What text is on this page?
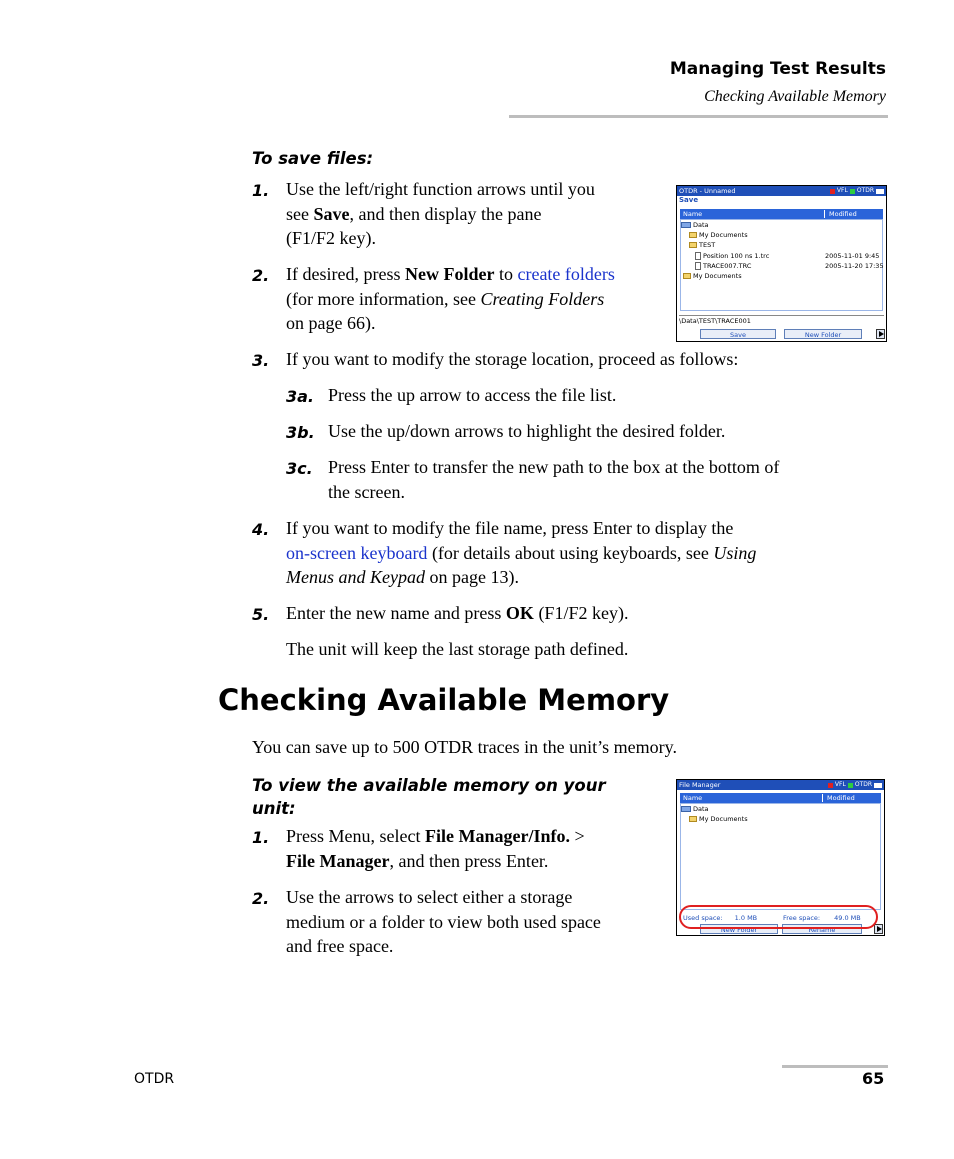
Managing Test Results
Checking Available Memory
To save files:
1. Use the left/right function arrows until you
see Save, and then display the pane
(F1/F2 key).
2. If desired, press New Folder to create folders
(for more information, see Creating Folders
on page 66).
OTDR - Unnamed	VFL OTDR
Save
Name	Modified
Data
My Documents
TEST
Position 100 ns 1.trc	2005-11-01 9:45
TRACE007.TRC	2005-11-20 17:35
My Documents
\Data\TEST\TRACE001
Save	New Folder
3. If you want to modify the storage location, proceed as follows:
3a. Press the up arrow to access the file list.
3b. Use the up/down arrows to highlight the desired folder.
3c. Press Enter to transfer the new path to the box at the bottom of
the screen.
4. If you want to modify the file name, press Enter to display the
on-screen keyboard (for details about using keyboards, see Using
Menus and Keypad on page 13).
5. Enter the new name and press OK (F1/F2 key).
The unit will keep the last storage path defined.
Checking Available Memory
You can save up to 500 OTDR traces in the unit’s memory.
To view the available memory on your
unit:
1. Press Menu, select File Manager/Info. >
File Manager, and then press Enter.
2. Use the arrows to select either a storage
medium or a folder to view both used space
and free space.
File Manager	VFL OTDR
Name	Modified
Data
My Documents
Used space: 1.0 MB	Free space: 49.0 MB
New Folder	Rename
OTDR	65
